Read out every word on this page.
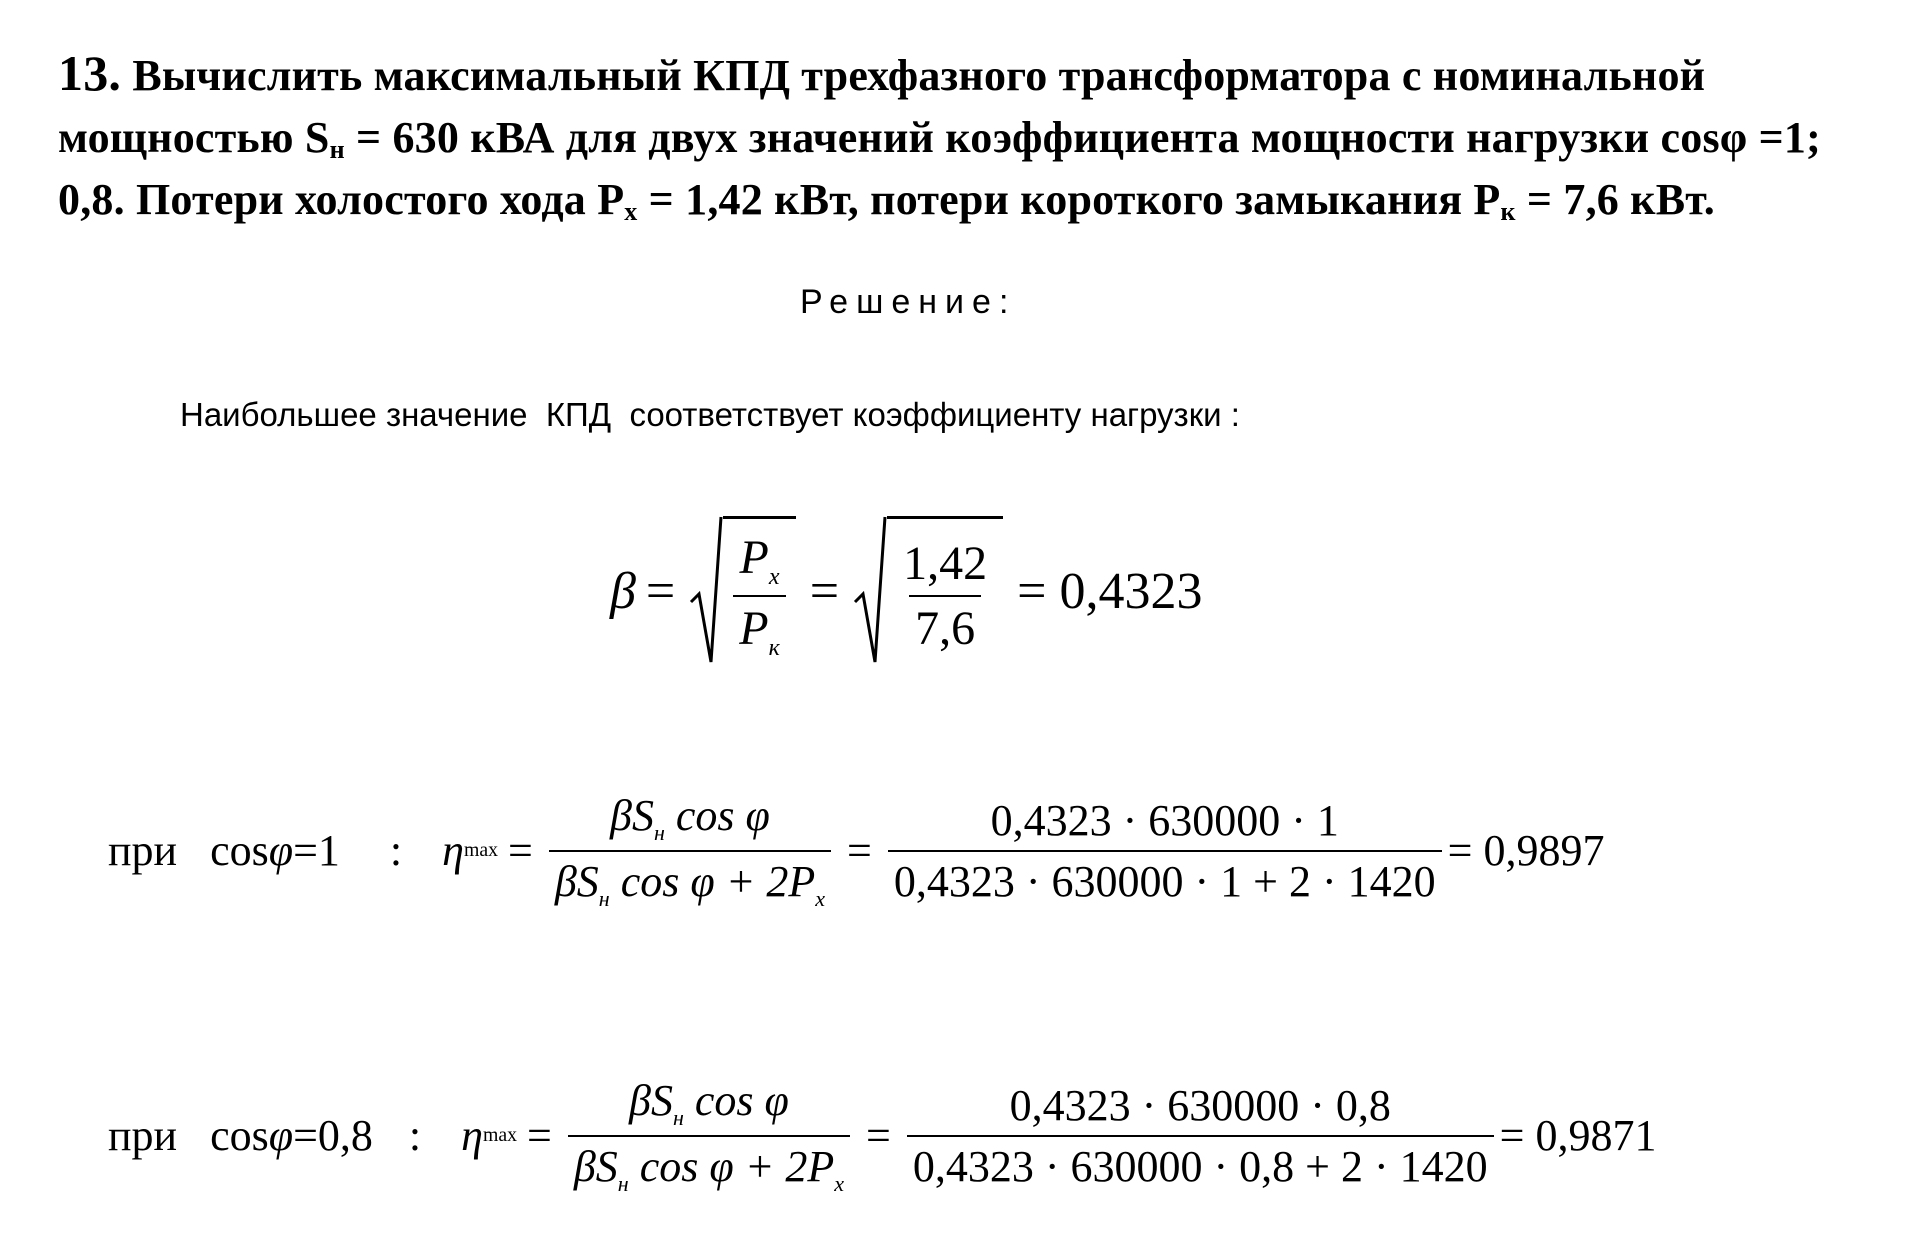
13. Вычислить максимальный КПД трехфазного трансформатора с номинальной
мощностью $S_н = 630$ кВА для двух значений коэффициента мощности нагрузки cosφ =1;
0,8. Потери холостого хода $P_x = 1,42$ кВт, потери короткого замыкания $P_к = 7,6$ кВт.
Решение:
Наибольшее значение  КПД  соответствует коэффициенту нагрузки :
$\beta = \frac{P_x}{P_к} = \frac{1,42}{7,6} = 0,4323$
при
cos φ =1 : η $\max = \frac{\beta S_н \cos \varphi}{\beta S_н \cos \varphi + 2P_x} = \frac{0,4323 \cdot 630000 \cdot 1}{0,4323 \cdot 630000 \cdot 1 + 2 \cdot 1420} = 0,9897$
при
cos φ =0,8 : η $\max = \frac{\beta S_н \cos \varphi}{\beta S_н \cos \varphi + 2P_x} = \frac{0,4323 \cdot 630000 \cdot 0,8}{0,4323 \cdot 630000 \cdot 0,8 + 2 \cdot 1420} = 0,9871$
